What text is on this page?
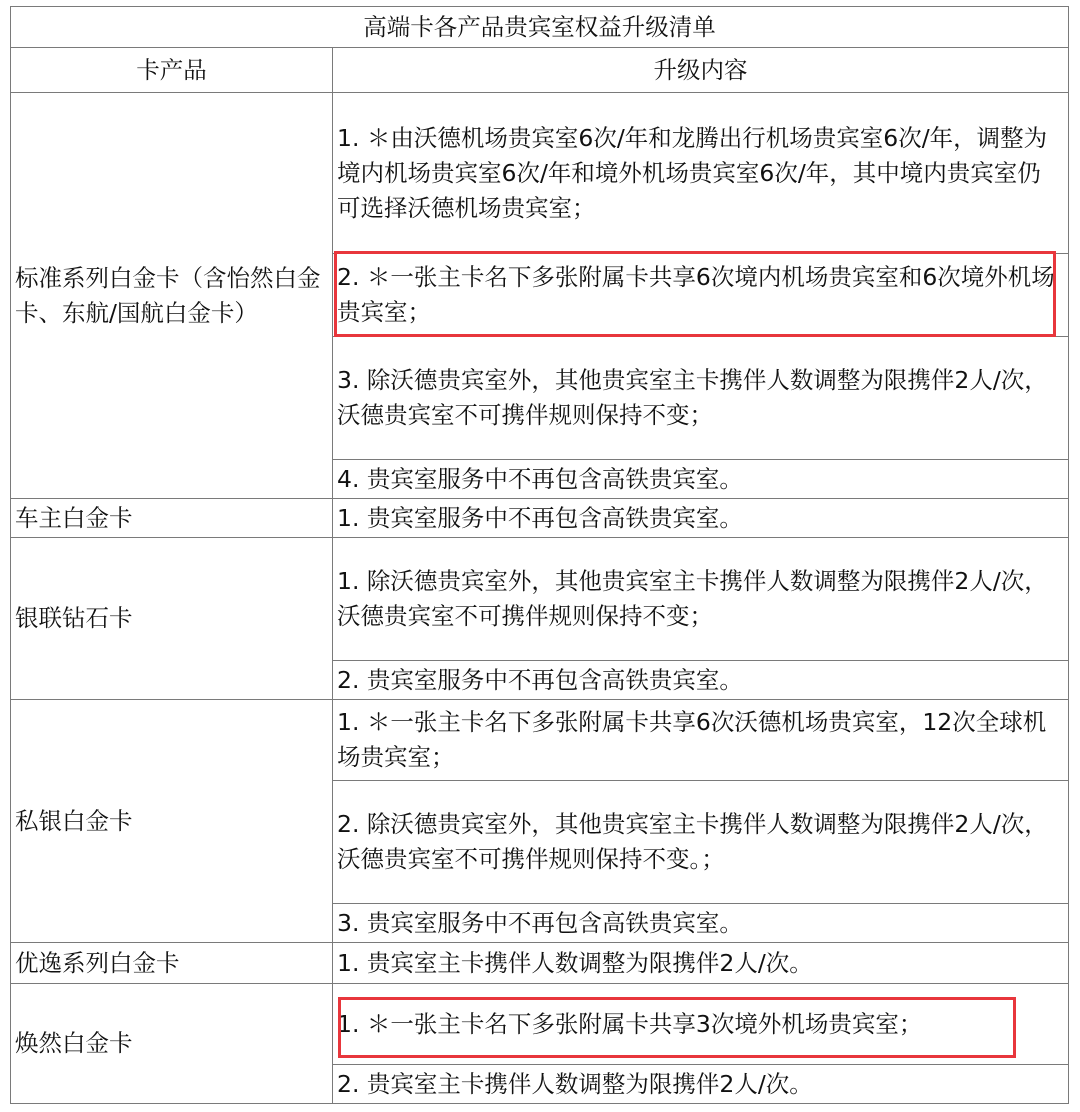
高端卡各产品贵宾室权益升级清单	
卡产品	升级内容
标准系列白金卡（含怡然白金卡、东航/国航白金卡）	1. ＊由沃德机场贵宾室6次/年和龙腾出行机场贵宾室6次/年，调整为境内机场贵宾室6次/年和境外机场贵宾室6次/年，其中境内贵宾室仍可选择沃德机场贵宾室；
	2. ＊一张主卡名下多张附属卡共享6次境内机场贵宾室和6次境外机场贵宾室；
	3. 除沃德贵宾室外，其他贵宾室主卡携伴人数调整为限携伴2人/次，沃德贵宾室不可携伴规则保持不变；
	4. 贵宾室服务中不再包含高铁贵宾室。
车主白金卡	1. 贵宾室服务中不再包含高铁贵宾室。
银联钻石卡	1. 除沃德贵宾室外，其他贵宾室主卡携伴人数调整为限携伴2人/次，沃德贵宾室不可携伴规则保持不变；
	2. 贵宾室服务中不再包含高铁贵宾室。
私银白金卡	1. ＊一张主卡名下多张附属卡共享6次沃德机场贵宾室，12次全球机场贵宾室；
	2. 除沃德贵宾室外，其他贵宾室主卡携伴人数调整为限携伴2人/次，沃德贵宾室不可携伴规则保持不变。；
	3. 贵宾室服务中不再包含高铁贵宾室。
优逸系列白金卡	1. 贵宾室主卡携伴人数调整为限携伴2人/次。
焕然白金卡	1. ＊一张主卡名下多张附属卡共享3次境外机场贵宾室；
	2. 贵宾室主卡携伴人数调整为限携伴2人/次。
